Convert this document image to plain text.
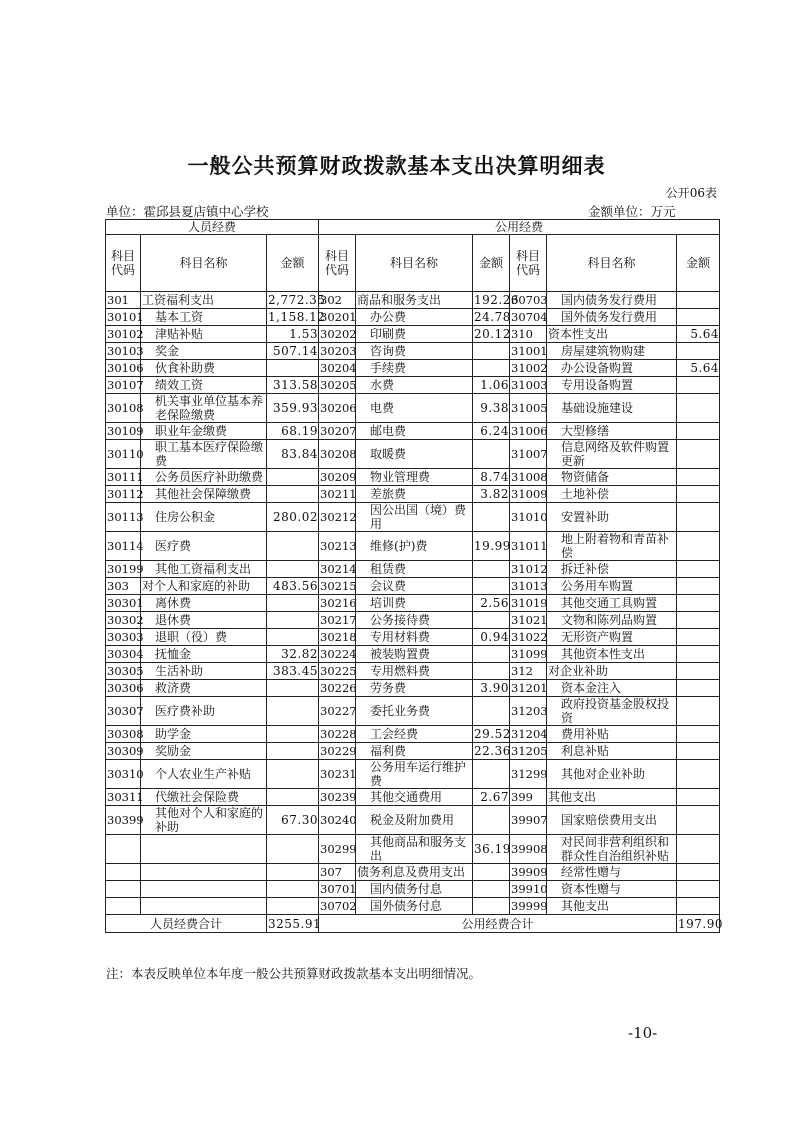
一般公共预算财政拨款基本支出决算明细表
公开06表
单位：霍邱县夏店镇中心学校	金额单位：万元
人员经费			公用经费					
科目代码	科目名称	金额	科目代码	科目名称	金额	科目代码	科目名称	金额
301	工资福利支出	2,772.35	302	商品和服务支出	192.26	30703	国内债务发行费用	
30101	基本工资	1,158.12	30201	办公费	24.78	30704	国外债务发行费用	
30102	津贴补贴	1.53	30202	印刷费	20.12	310	资本性支出	5.64
30103	奖金	507.14	30203	咨询费		31001	房屋建筑物购建	
30106	伙食补助费		30204	手续费		31002	办公设备购置	5.64
30107	绩效工资	313.58	30205	水费	1.06	31003	专用设备购置	
30108	机关事业单位基本养老保险缴费	359.93	30206	电费	9.38	31005	基础设施建设	
30109	职业年金缴费	68.19	30207	邮电费	6.24	31006	大型修缮	
30110	职工基本医疗保险缴费	83.84	30208	取暖费		31007	信息网络及软件购置更新	
30111	公务员医疗补助缴费		30209	物业管理费	8.74	31008	物资储备	
30112	其他社会保障缴费		30211	差旅费	3.82	31009	土地补偿	
30113	住房公积金	280.02	30212	因公出国（境）费用		31010	安置补助	
30114	医疗费		30213	维修(护)费	19.99	31011	地上附着物和青苗补偿	
30199	其他工资福利支出		30214	租赁费		31012	拆迁补偿	
303	对个人和家庭的补助	483.56	30215	会议费		31013	公务用车购置	
30301	离休费		30216	培训费	2.56	31019	其他交通工具购置	
30302	退休费		30217	公务接待费		31021	文物和陈列品购置	
30303	退职（役）费		30218	专用材料费	0.94	31022	无形资产购置	
30304	抚恤金	32.82	30224	被装购置费		31099	其他资本性支出	
30305	生活补助	383.45	30225	专用燃料费		312	对企业补助	
30306	救济费		30226	劳务费	3.90	31201	资本金注入	
30307	医疗费补助		30227	委托业务费		31203	政府投资基金股权投资	
30308	助学金		30228	工会经费	29.52	31204	费用补贴	
30309	奖励金		30229	福利费	22.36	31205	利息补贴	
30310	个人农业生产补贴		30231	公务用车运行维护费		31299	其他对企业补助	
30311	代缴社会保险费		30239	其他交通费用	2.67	399	其他支出	
30399	其他对个人和家庭的补助	67.30	30240	税金及附加费用		39907	国家赔偿费用支出	
			30299	其他商品和服务支出	36.19	39908	对民间非营利组织和群众性自治组织补贴	
			307	债务利息及费用支出		39909	经常性赠与	
			30701	国内债务付息		39910	资本性赠与	
			30702	国外债务付息		39999	其他支出	
人员经费合计		3255.91	公用经费合计					197.90
注：本表反映单位本年度一般公共预算财政拨款基本支出明细情况。
-10-
